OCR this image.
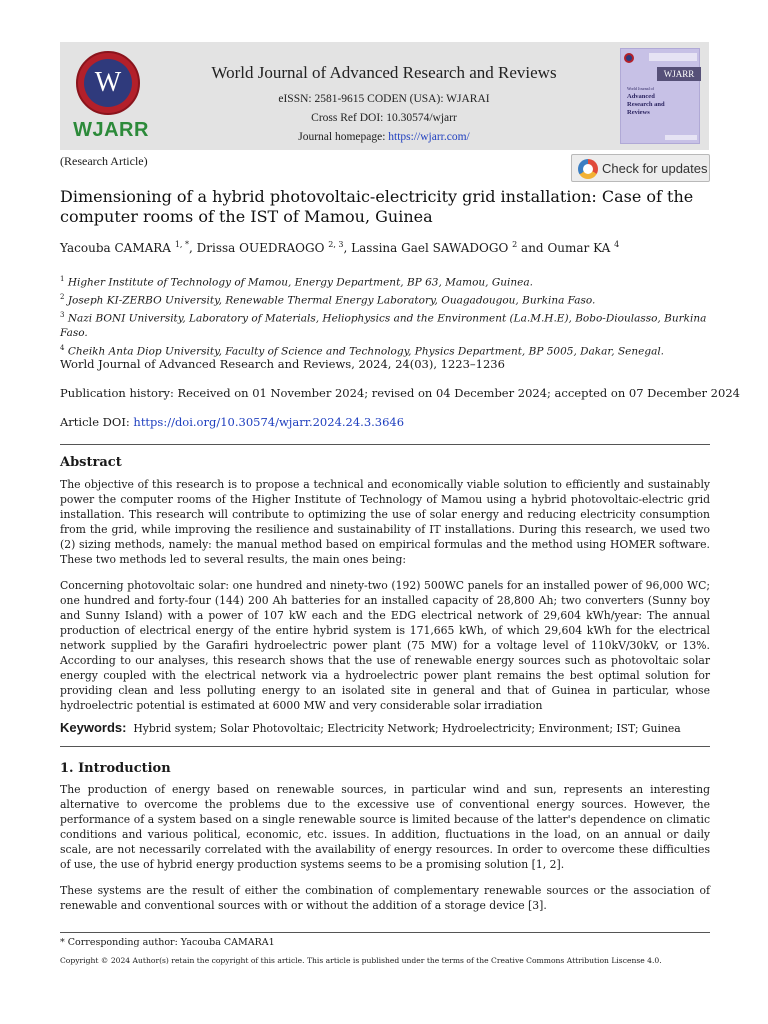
W
WJARR
World Journal of Advanced Research and Reviews
eISSN: 2581-9615 CODEN (USA): WJARAI
Cross Ref DOI: 10.30574/wjarr
Journal homepage: https://wjarr.com/
WJARR
World Journal of
Advanced
Research and
Reviews
(Research Article)	Check for updates
Dimensioning of a hybrid photovoltaic-electricity grid installation: Case of the computer rooms of the IST of Mamou, Guinea
Yacouba CAMARA $^{1, *}$, Drissa OUEDRAOGO $^{2, 3}$, Lassina Gael SAWADOGO $^2$ and Oumar KA $^4$
$^1$ Higher Institute of Technology of Mamou, Energy Department, BP 63, Mamou, Guinea.
$^2$ Joseph KI-ZERBO University, Renewable Thermal Energy Laboratory, Ouagadougou, Burkina Faso.
$^3$ Nazi BONI University, Laboratory of Materials, Heliophysics and the Environment (La.M.H.E), Bobo-Dioulasso, Burkina Faso.
$^4$ Cheikh Anta Diop University, Faculty of Science and Technology, Physics Department, BP 5005, Dakar, Senegal.
World Journal of Advanced Research and Reviews, 2024, 24(03), 1223–1236
Publication history: Received on 01 November 2024; revised on 04 December 2024; accepted on 07 December 2024
Article DOI: https://doi.org/10.30574/wjarr.2024.24.3.3646
Abstract

The objective of this research is to propose a technical and economically viable solution to efficiently and sustainably power the computer rooms of the Higher Institute of Technology of Mamou using a hybrid photovoltaic-electric grid installation. This research will contribute to optimizing the use of solar energy and reducing electricity consumption from the grid, while improving the resilience and sustainability of IT installations. During this research, we used two (2) sizing methods, namely: the manual method based on empirical formulas and the method using HOMER software. These two methods led to several results, the main ones being:

Concerning photovoltaic solar: one hundred and ninety-two (192) 500WC panels for an installed power of 96,000 WC; one hundred and forty-four (144) 200 Ah batteries for an installed capacity of 28,800 Ah; two converters (Sunny boy and Sunny Island) with a power of 107 kW each and the EDG electrical network of 29,604 kWh/year: The annual production of electrical energy of the entire hybrid system is 171,665 kWh, of which 29,604 kWh for the electrical network supplied by the Garafiri hydroelectric power plant (75 MW) for a voltage level of 110kV/30kV, or 13%. According to our analyses, this research shows that the use of renewable energy sources such as photovoltaic solar energy coupled with the electrical network via a hydroelectric power plant remains the best optimal solution for providing clean and less polluting energy to an isolated site in general and that of Guinea in particular, whose hydroelectric potential is estimated at 6000 MW and very considerable solar irradiation

Keywords: Hybrid system; Solar Photovoltaic; Electricity Network; Hydroelectricity; Environment; IST; Guinea
1. Introduction

The production of energy based on renewable sources, in particular wind and sun, represents an interesting alternative to overcome the problems due to the excessive use of conventional energy sources. However, the performance of a system based on a single renewable source is limited because of the latter's dependence on climatic conditions and various political, economic, etc. issues. In addition, fluctuations in the load, on an annual or daily scale, are not necessarily correlated with the availability of energy resources. In order to overcome these difficulties of use, the use of hybrid energy production systems seems to be a promising solution [1, 2].

These systems are the result of either the combination of complementary renewable sources or the association of renewable and conventional sources with or without the addition of a storage device [3].

* Corresponding author: Yacouba CAMARA1
Copyright © 2024 Author(s) retain the copyright of this article. This article is published under the terms of the Creative Commons Attribution Liscense 4.0.
